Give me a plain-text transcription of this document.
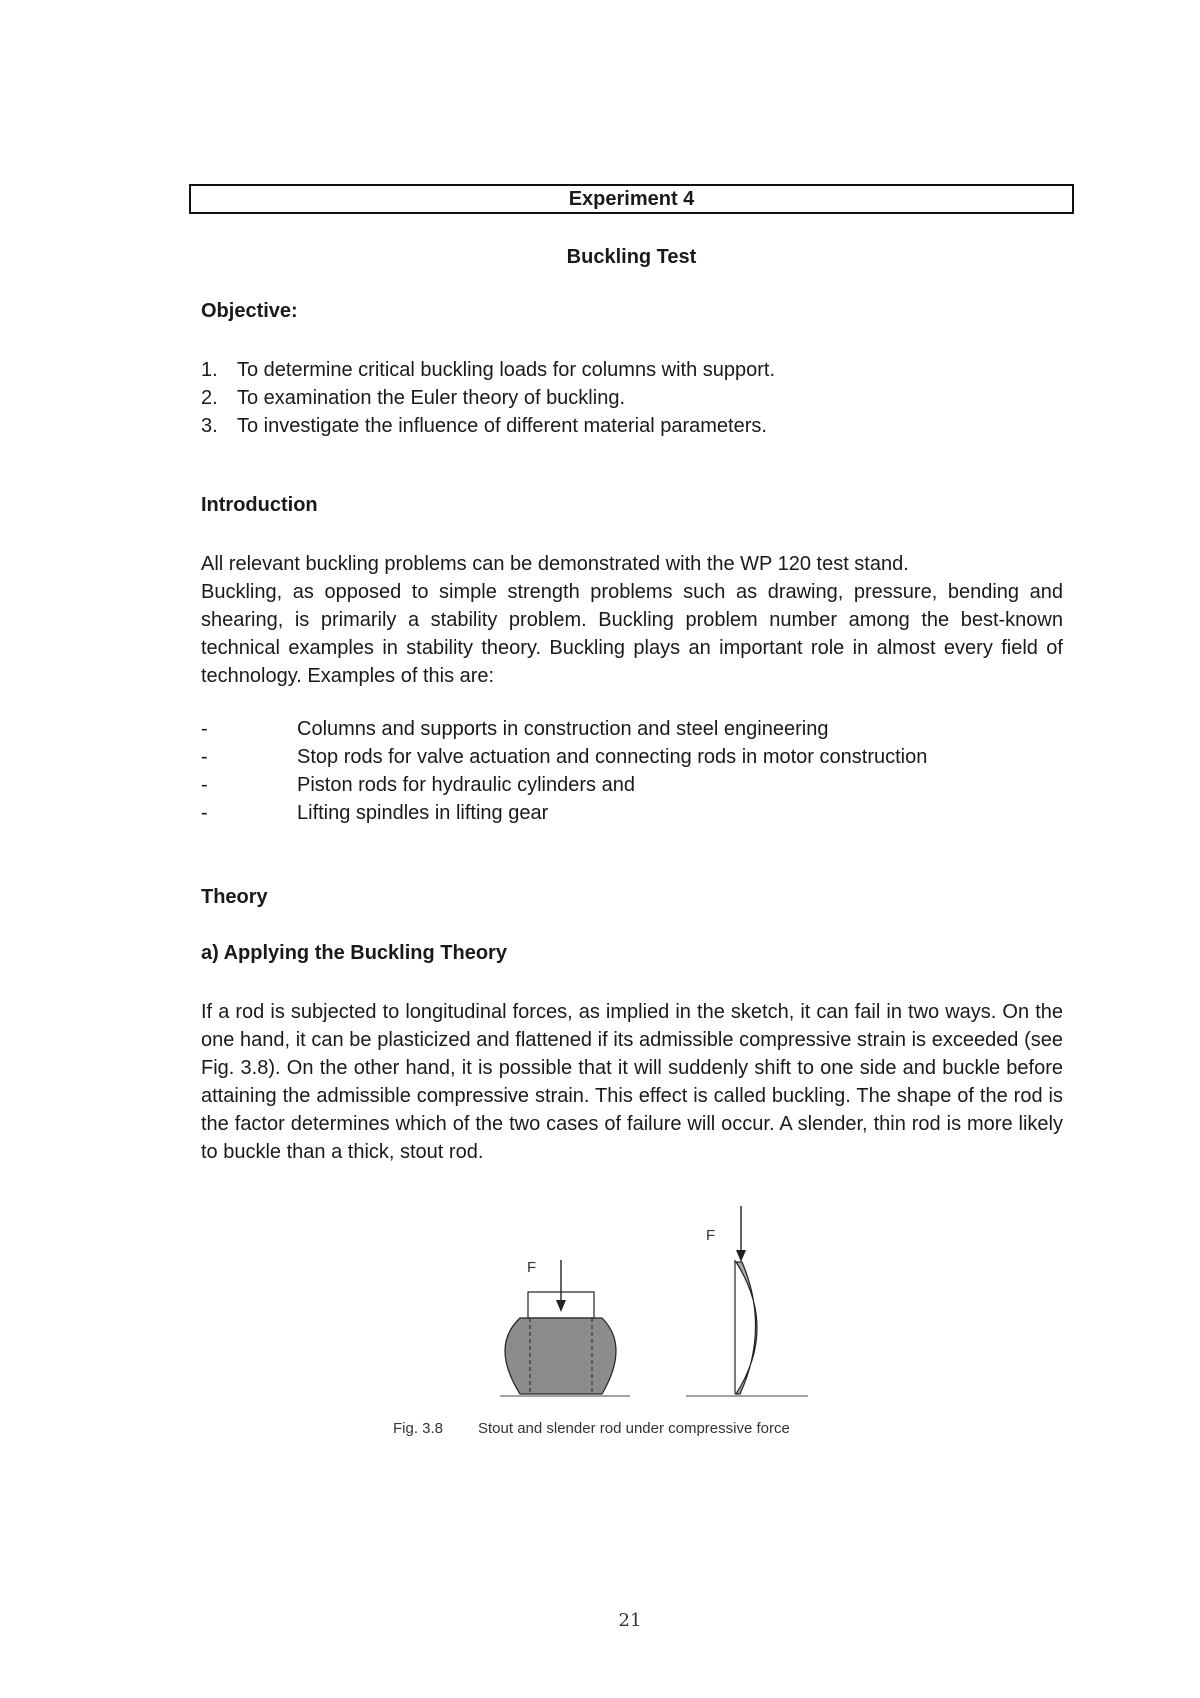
Experiment 4
Buckling Test
Objective:
1. To determine critical buckling loads for columns with support.
2. To examination the Euler theory of buckling.
3. To investigate the influence of different material parameters.
Introduction
All relevant buckling problems can be demonstrated with the WP 120 test stand.

Buckling, as opposed to simple strength problems such as drawing, pressure, bending and shearing, is primarily a stability problem. Buckling problem number among the best-known technical examples in stability theory. Buckling plays an important role in almost every field of technology. Examples of this are:

-	Columns and supports in construction and steel engineering
-	Stop rods for valve actuation and connecting rods in motor construction
-	Piston rods for hydraulic cylinders and
-	Lifting spindles in lifting gear
Theory
a) Applying the Buckling Theory

If a rod is subjected to longitudinal forces, as implied in the sketch, it can fail in two ways. On the one hand, it can be plasticized and flattened if its admissible compressive strain is exceeded (see Fig. 3.8). On the other hand, it is possible that it will suddenly shift to one side and buckle before attaining the admissible compressive strain. This effect is called buckling. The shape of the rod is the factor determines which of the two cases of failure will occur. A slender, thin rod is more likely to buckle than a thick, stout rod.

F
F
Fig. 3.8 Stout and slender rod under compressive force
21
